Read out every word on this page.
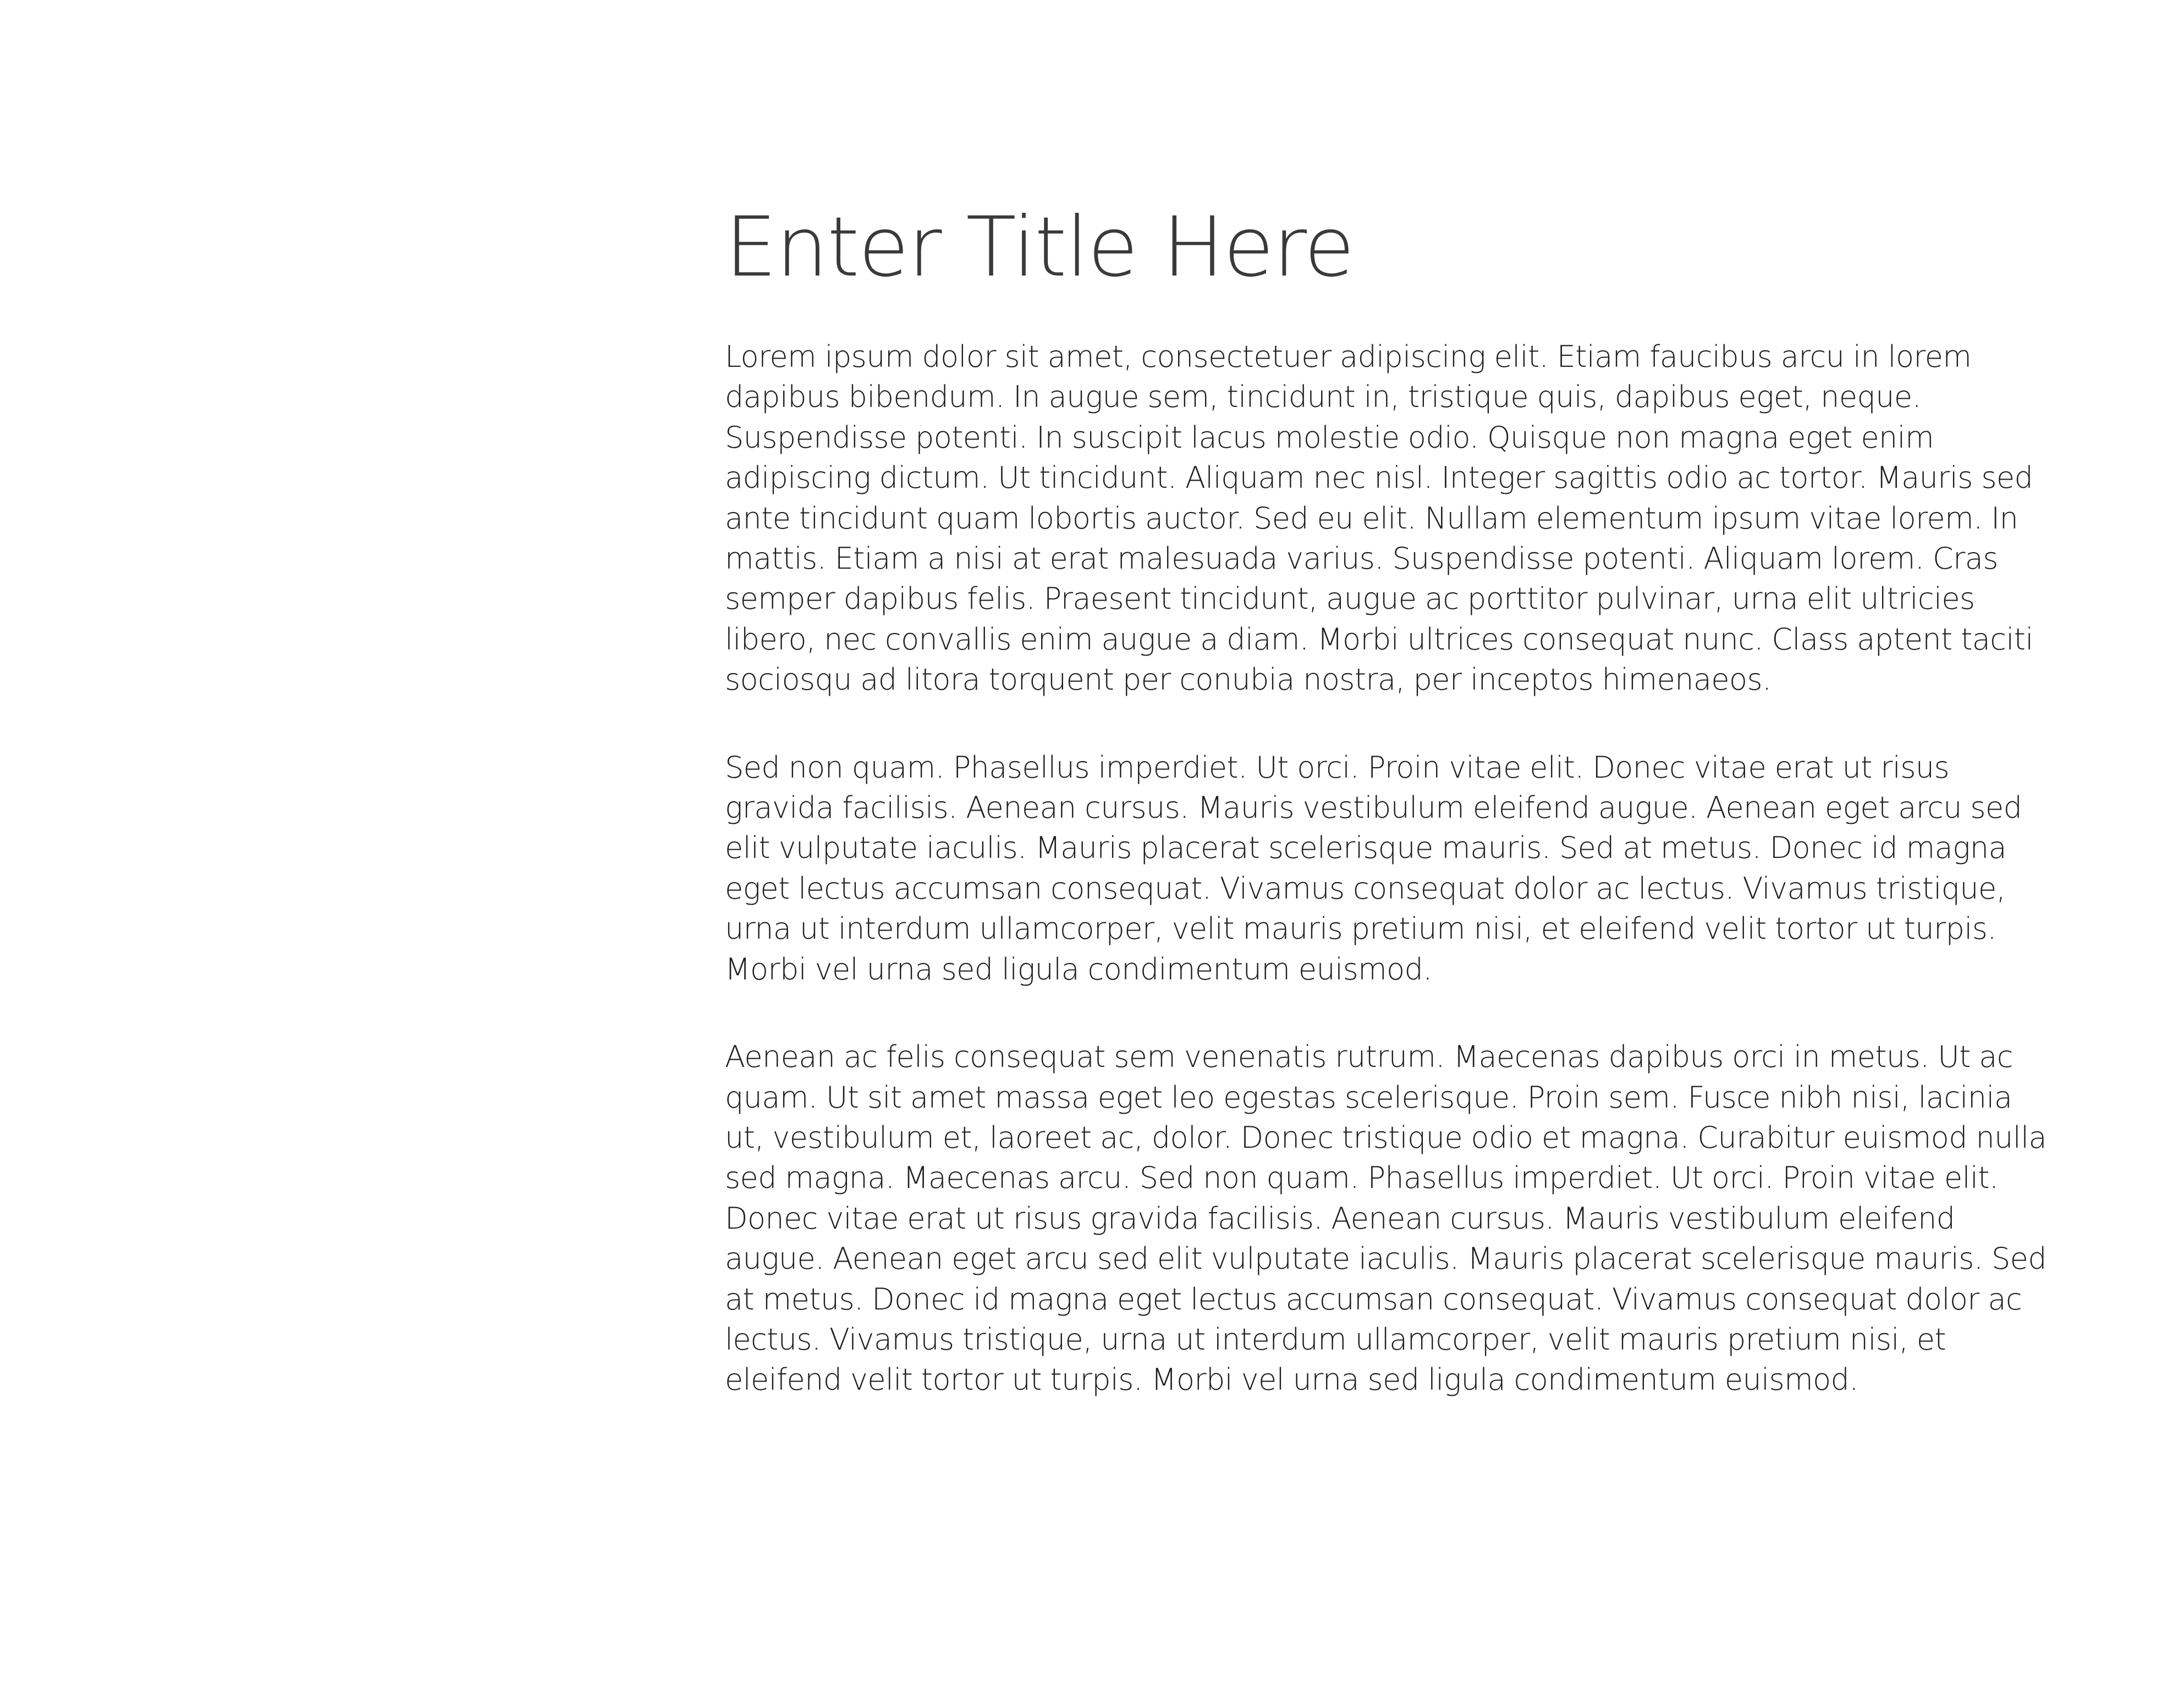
Enter Title Here

Lorem ipsum dolor sit amet, consectetuer adipiscing elit. Etiam faucibus arcu in lorem dapibus bibendum. In augue sem, tincidunt in, tristique quis, dapibus eget, neque. Suspendisse potenti. In suscipit lacus molestie odio. Quisque non magna eget enim adipiscing dictum. Ut tincidunt. Aliquam nec nisl. Integer sagittis odio ac tortor. Mauris sed ante tincidunt quam lobortis auctor. Sed eu elit. Nullam elementum ipsum vitae lorem. In mattis. Etiam a nisi at erat malesuada varius. Suspendisse potenti. Aliquam lorem. Cras semper dapibus felis. Praesent tincidunt, augue ac porttitor pulvinar, urna elit ultricies libero, nec convallis enim augue a diam. Morbi ultrices consequat nunc. Class aptent taciti sociosqu ad litora torquent per conubia nostra, per inceptos himenaeos.

Sed non quam. Phasellus imperdiet. Ut orci. Proin vitae elit. Donec vitae erat ut risus gravida facilisis. Aenean cursus. Mauris vestibulum eleifend augue. Aenean eget arcu sed elit vulputate iaculis. Mauris placerat scelerisque mauris. Sed at metus. Donec id magna eget lectus accumsan consequat. Vivamus consequat dolor ac lectus. Vivamus tristique, urna ut interdum ullamcorper, velit mauris pretium nisi, et eleifend velit tortor ut turpis. Morbi vel urna sed ligula condimentum euismod.

Aenean ac felis consequat sem venenatis rutrum. Maecenas dapibus orci in metus. Ut ac quam. Ut sit amet massa eget leo egestas scelerisque. Proin sem. Fusce nibh nisi, lacinia ut, vestibulum et, laoreet ac, dolor. Donec tristique odio et magna. Curabitur euismod nulla sed magna. Maecenas arcu. Sed non quam. Phasellus imperdiet. Ut orci. Proin vitae elit. Donec vitae erat ut risus gravida facilisis. Aenean cursus. Mauris vestibulum eleifend augue. Aenean eget arcu sed elit vulputate iaculis. Mauris placerat scelerisque mauris. Sed at metus. Donec id magna eget lectus accumsan consequat. Vivamus consequat dolor ac lectus. Vivamus tristique, urna ut interdum ullamcorper, velit mauris pretium nisi, et eleifend velit tortor ut turpis. Morbi vel urna sed ligula condimentum euismod.
